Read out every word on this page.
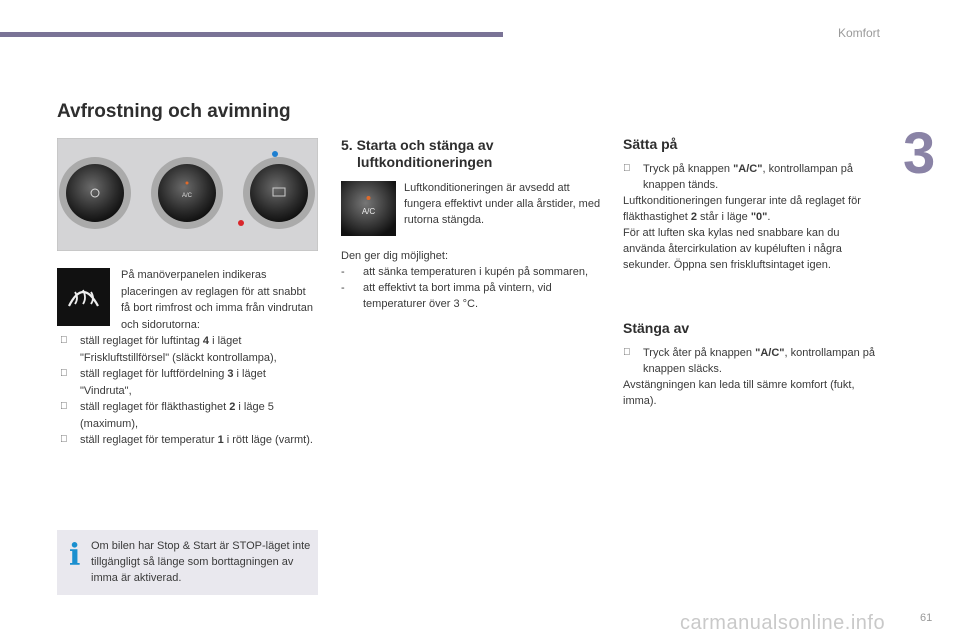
Komfort
3
Avfrostning och avimning
A/C

På manöverpanelen indikeras placeringen av reglagen för att snabbt få bort rimfrost och imma från vindrutan och sidorutorna:

ställ reglaget för luftintag 4 i läget "Friskluftstillförsel" (släckt kontrollampa),
ställ reglaget för luftfördelning 3 i läget "Vindruta",
ställ reglaget för fläkthastighet 2 i läge 5 (maximum),
ställ reglaget för temperatur 1 i rött läge (varmt).
i Om bilen har Stop & Start är STOP-läget inte tillgängligt så länge som borttagningen av imma är aktiverad.
5. Starta och stänga av
luftkonditioneringen
A/C

Luftkonditioneringen är avsedd att fungera effektivt under alla årstider, med rutorna stängda.

Den ger dig möjlighet:

- att sänka temperaturen i kupén på sommaren,
- att effektivt ta bort imma på vintern, vid temperaturer över 3 °C.
Sätta på
Tryck på knappen "A/C", kontrollampan på knappen tänds.

Luftkonditioneringen fungerar inte då reglaget för fläkthastighet 2 står i läge "0".

För att luften ska kylas ned snabbare kan du använda återcirkulation av kupéluften i några sekunder. Öppna sen friskluftsintaget igen.

Stänga av
Tryck åter på knappen "A/C", kontrollampan på knappen släcks.

Avstängningen kan leda till sämre komfort (fukt, imma).

carmanualsonline.info	61
